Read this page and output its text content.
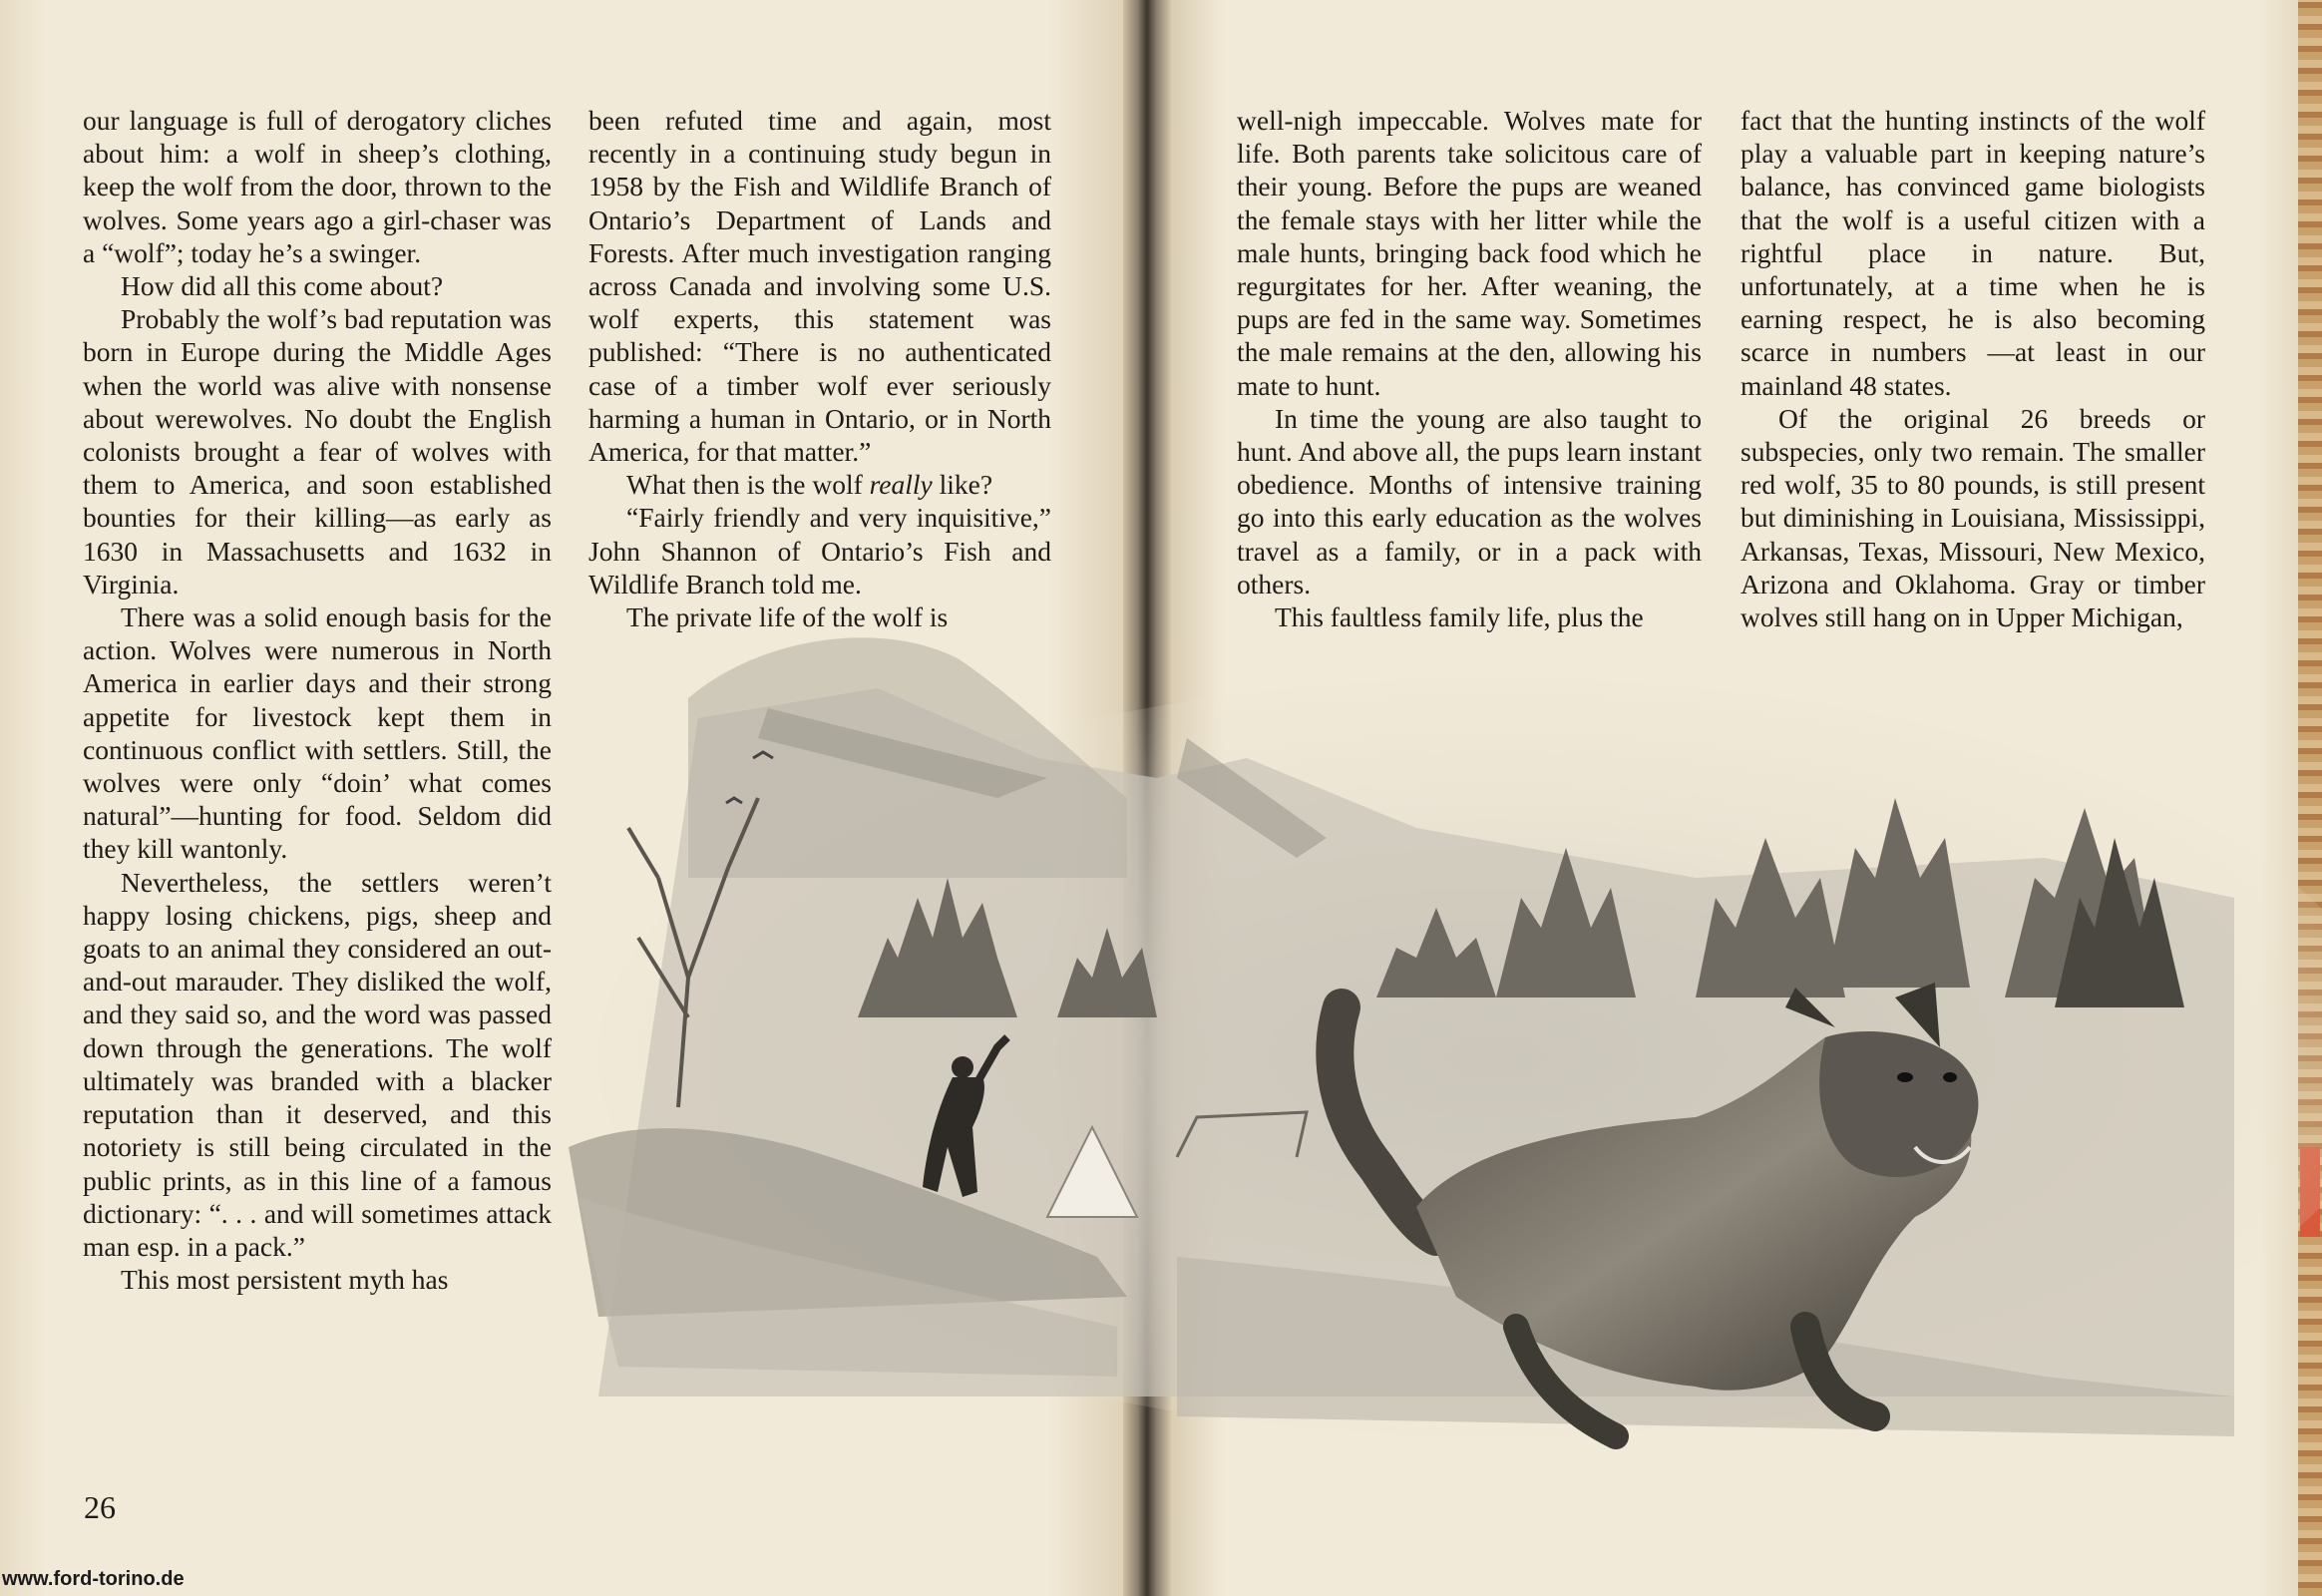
our language is full of derogatory cliches about him: a wolf in sheep’s clothing, keep the wolf from the door, thrown to the wolves. Some years ago a girl-chaser was a “wolf”; today he’s a swinger.

How did all this come about?

Probably the wolf’s bad reputation was born in Europe during the Middle Ages when the world was alive with nonsense about werewolves. No doubt the English colonists brought a fear of wolves with them to America, and soon established bounties for their killing—as early as 1630 in Massachusetts and 1632 in Virginia.

There was a solid enough basis for the action. Wolves were numerous in North America in earlier days and their strong appetite for livestock kept them in continuous conflict with settlers. Still, the wolves were only “doin’ what comes natural”—hunting for food. Seldom did they kill wantonly.

Nevertheless, the settlers weren’t happy losing chickens, pigs, sheep and goats to an animal they considered an out-and-out marauder. They disliked the wolf, and they said so, and the word was passed down through the generations. The wolf ultimately was branded with a blacker reputation than it deserved, and this notoriety is still being circulated in the public prints, as in this line of a famous dictionary: “. . . and will sometimes attack man esp. in a pack.”

This most persistent myth has

been refuted time and again, most recently in a continuing study begun in 1958 by the Fish and Wildlife Branch of Ontario’s Department of Lands and Forests. After much investigation ranging across Canada and involving some U.S. wolf experts, this statement was published: “There is no authenticated case of a timber wolf ever seriously harming a human in Ontario, or in North America, for that matter.”

What then is the wolf really like?

“Fairly friendly and very inquisitive,” John Shannon of Ontario’s Fish and Wildlife Branch told me.

The private life of the wolf is

well-nigh impeccable. Wolves mate for life. Both parents take solicitous care of their young. Before the pups are weaned the female stays with her litter while the male hunts, bringing back food which he regurgitates for her. After weaning, the pups are fed in the same way. Sometimes the male remains at the den, allowing his mate to hunt.

In time the young are also taught to hunt. And above all, the pups learn instant obedience. Months of intensive training go into this early education as the wolves travel as a family, or in a pack with others.

This faultless family life, plus the

fact that the hunting instincts of the wolf play a valuable part in keeping nature’s balance, has convinced game biologists that the wolf is a useful citizen with a rightful place in nature. But, unfortunately, at a time when he is earning respect, he is also becoming scarce in numbers —at least in our mainland 48 states.

Of the original 26 breeds or subspecies, only two remain. The smaller red wolf, 35 to 80 pounds, is still present but diminishing in Louisiana, Mississippi, Arkansas, Texas, Missouri, New Mexico, Arizona and Oklahoma. Gray or timber wolves still hang on in Upper Michigan,

26
www.ford-torino.de
